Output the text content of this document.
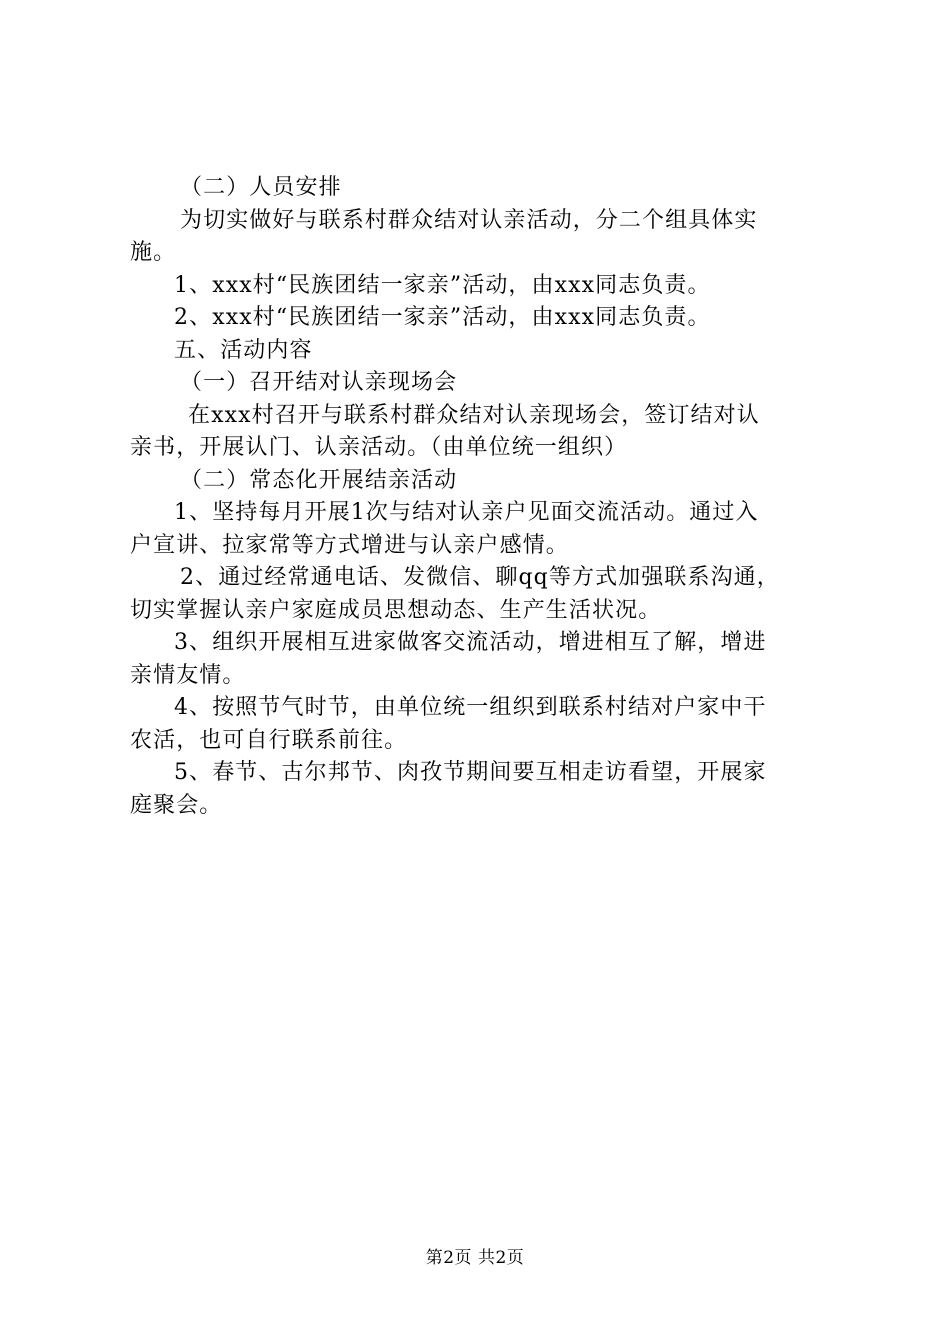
（二）人员安排
为切实做好与联系村群众结对认亲活动，分二个组具体实
施。
1、xxx村“民族团结一家亲”活动，由xxx同志负责。
2、xxx村“民族团结一家亲”活动，由xxx同志负责。
五、活动内容
（一）召开结对认亲现场会
在xxx村召开与联系村群众结对认亲现场会，签订结对认
亲书，开展认门、认亲活动。（由单位统一组织）
（二）常态化开展结亲活动
1、坚持每月开展1次与结对认亲户见面交流活动。通过入
户宣讲、拉家常等方式增进与认亲户感情。
2、通过经常通电话、发微信、聊qq等方式加强联系沟通，
切实掌握认亲户家庭成员思想动态、生产生活状况。
3、组织开展相互进家做客交流活动，增进相互了解，增进
亲情友情。
4、按照节气时节，由单位统一组织到联系村结对户家中干
农活，也可自行联系前往。
5、春节、古尔邦节、肉孜节期间要互相走访看望，开展家
庭聚会。
第2页 共2页
